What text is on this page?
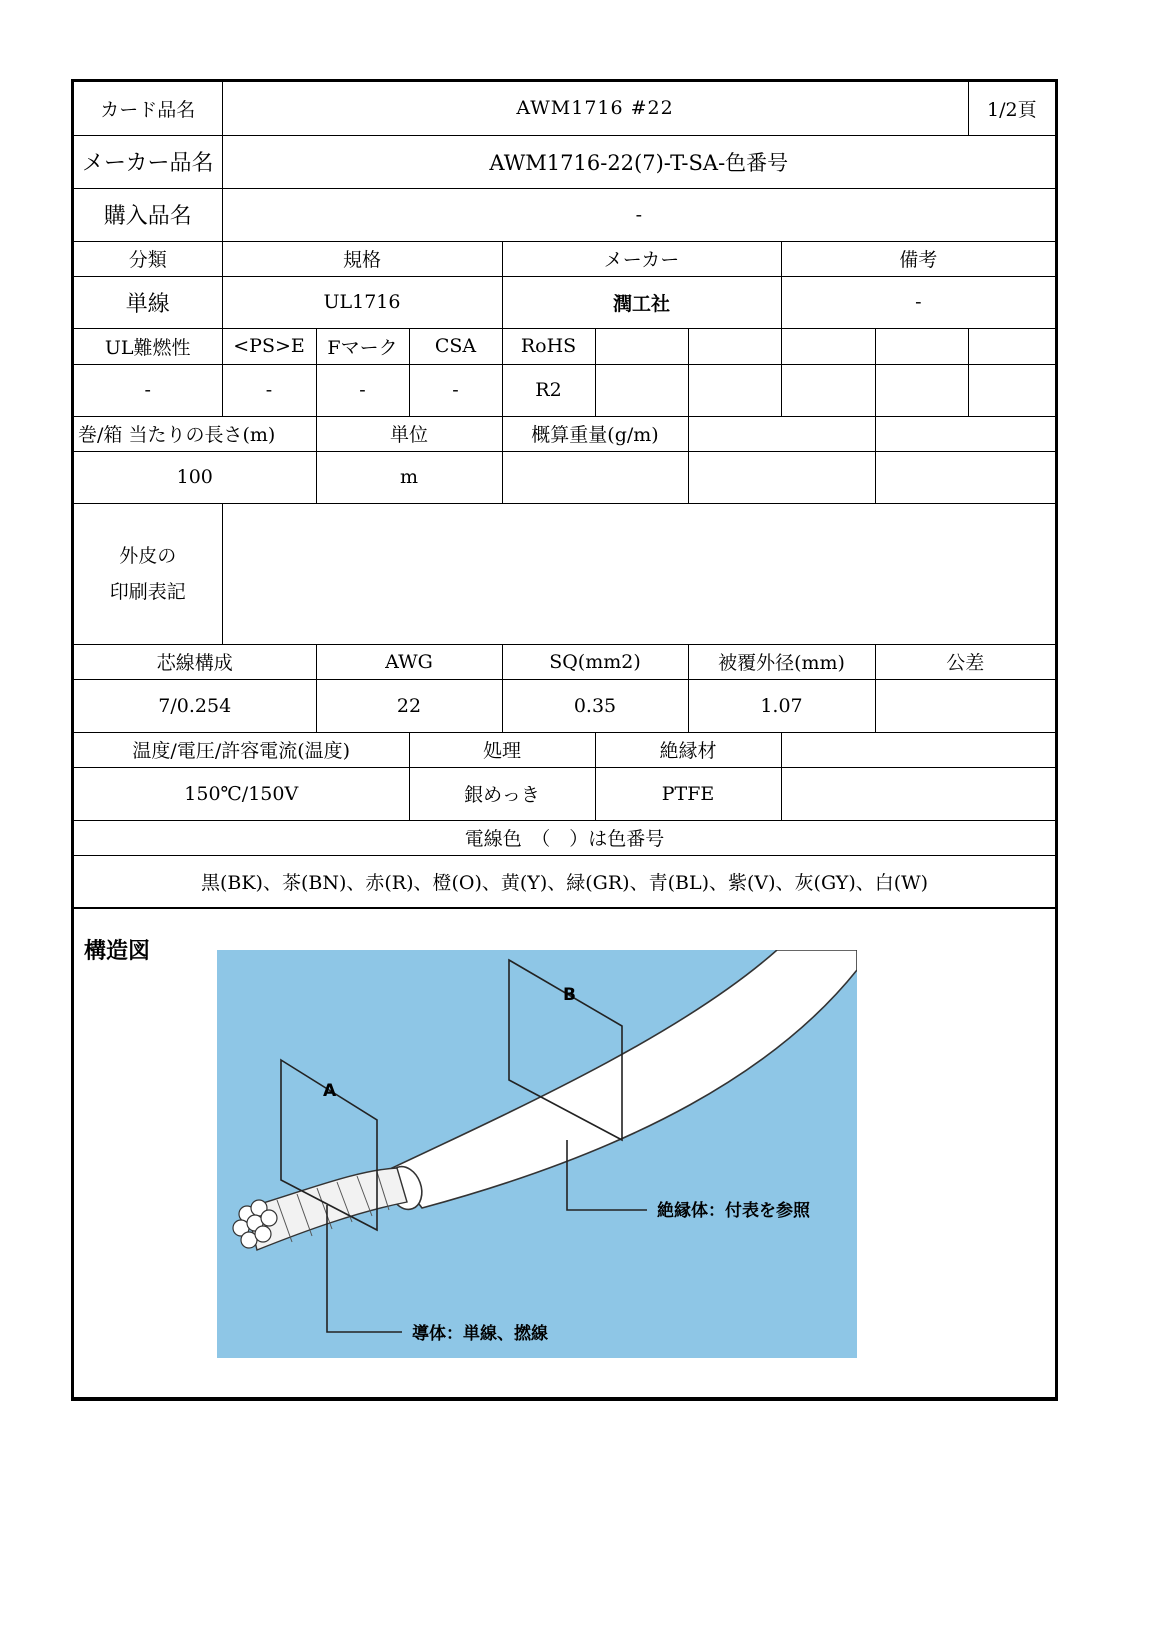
カード品名	AWM1716 #22								1/2頁
メーカー品名	AWM1716-22(7)-T-SA-色番号								
購入品名	-								
分類	規格			メーカー			備考		
単線	UL1716			潤工社			-		
UL難燃性	<PS>E	Fマーク	CSA	RoHS					
-	-	-	-	R2					
巻/箱 当たりの長さ(m)		単位		概算重量(g/m)					
100		m							
外皮の
印刷表記									
芯線構成		AWG		SQ(mm2)		被覆外径(mm)		公差	
7/0.254		22		0.35		1.07			
温度/電圧/許容電流(温度)			処理		絶縁材				
150℃/150V			銀めっき		PTFE				
電線色　（　）は色番号									
黒(BK)、茶(BN)、赤(R)、橙(O)、黄(Y)、緑(GR)、青(BL)、紫(V)、灰(GY)、白(W)									
構造図
A
B
絶縁体：付表を参照
導体：単線、撚線
